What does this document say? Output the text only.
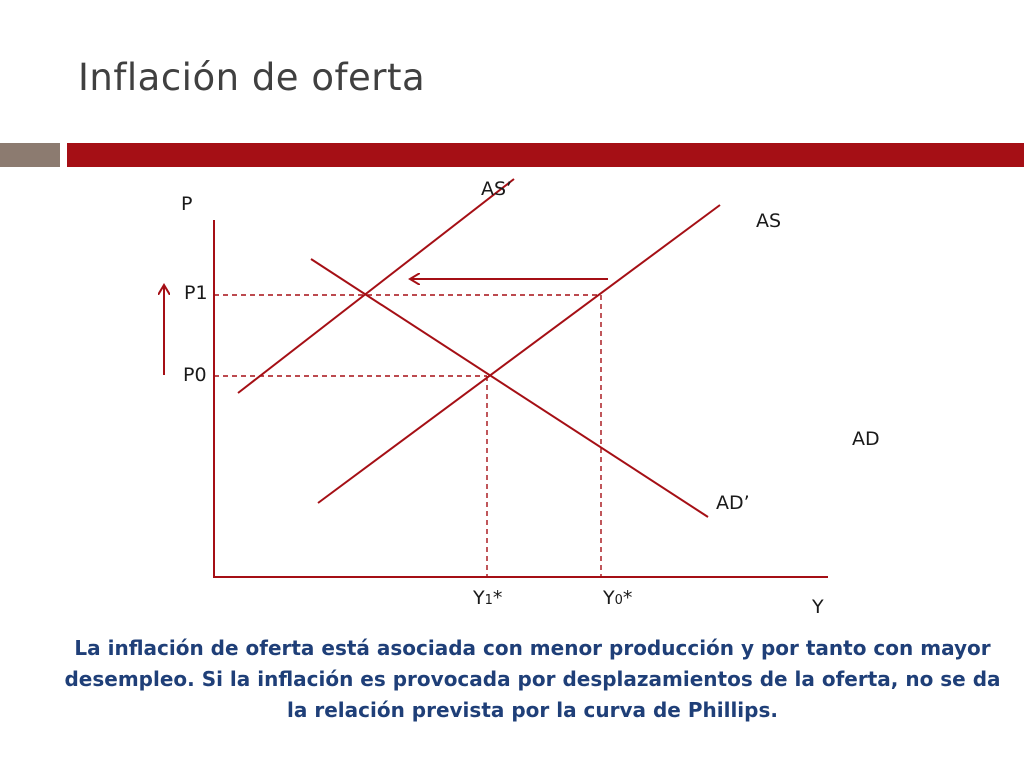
Inflación de oferta
P
Y
P1
P0
AS’
AS
AD
AD’
Y1*	Y0*
La inflación de oferta está asociada con menor producción y por tanto con mayor desempleo. Si la inflación es provocada por desplazamientos de la oferta, no se da la relación prevista por la curva de Phillips.
